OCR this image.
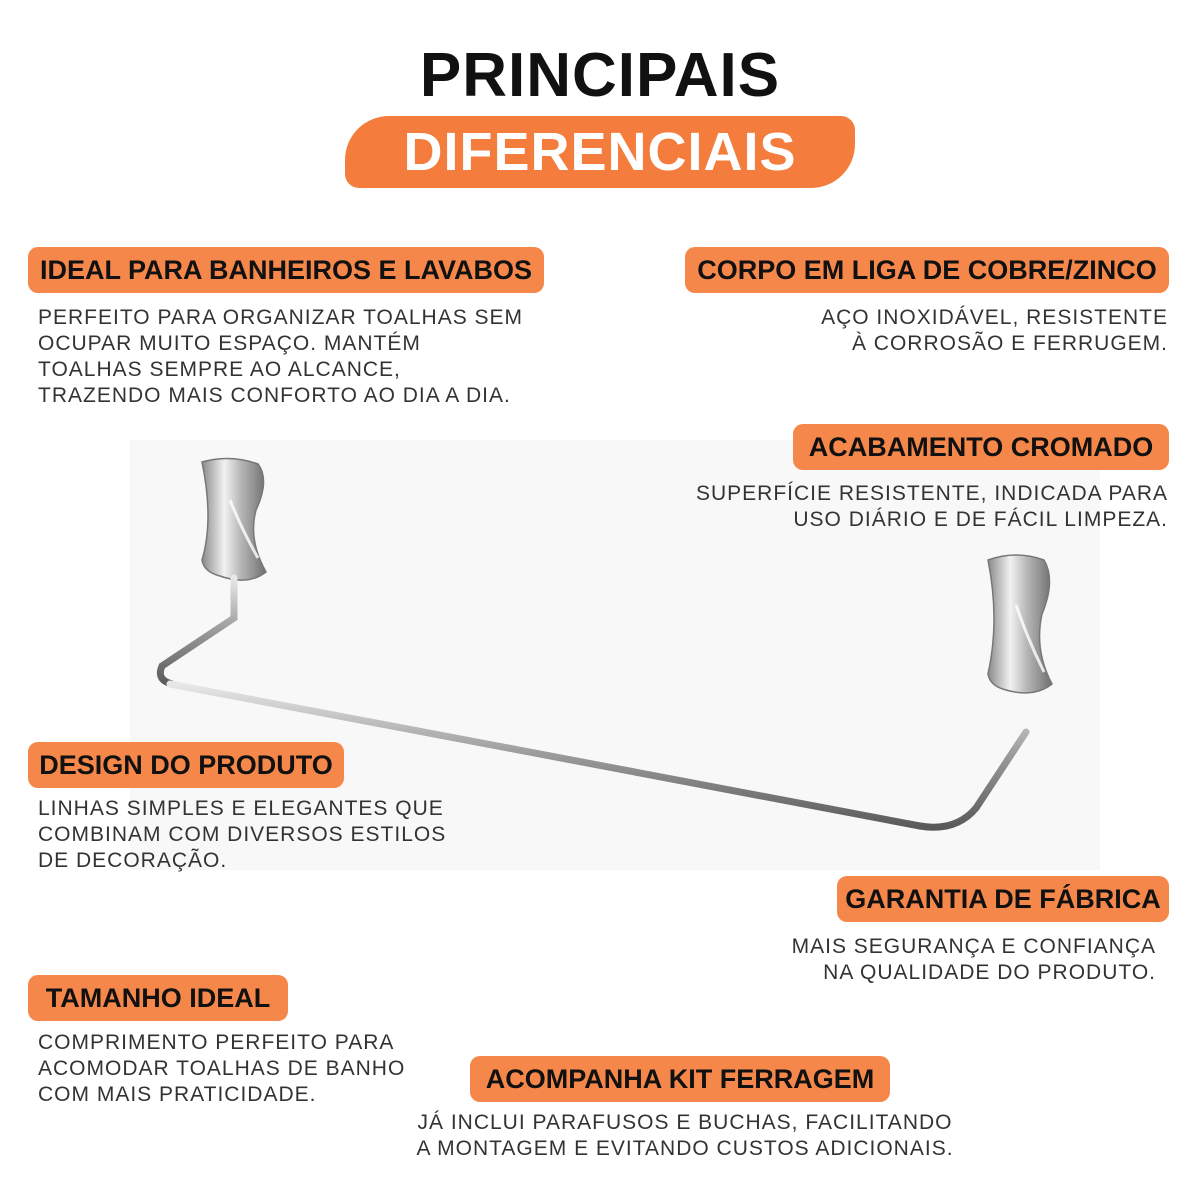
PRINCIPAIS
DIFERENCIAIS
IDEAL PARA BANHEIROS E LAVABOS
PERFEITO PARA ORGANIZAR TOALHAS SEM
OCUPAR MUITO ESPAÇO. MANTÉM
TOALHAS SEMPRE AO ALCANCE,
TRAZENDO MAIS CONFORTO AO DIA A DIA.
CORPO EM LIGA DE COBRE/ZINCO
AÇO INOXIDÁVEL, RESISTENTE
À CORROSÃO E FERRUGEM.
ACABAMENTO CROMADO
SUPERFÍCIE RESISTENTE, INDICADA PARA
USO DIÁRIO E DE FÁCIL LIMPEZA.
DESIGN DO PRODUTO
LINHAS SIMPLES E ELEGANTES QUE
COMBINAM COM DIVERSOS ESTILOS
DE DECORAÇÃO.
GARANTIA DE FÁBRICA
MAIS SEGURANÇA E CONFIANÇA
NA QUALIDADE DO PRODUTO.
TAMANHO IDEAL
COMPRIMENTO PERFEITO PARA
ACOMODAR TOALHAS DE BANHO
COM MAIS PRATICIDADE.
ACOMPANHA KIT FERRAGEM
JÁ INCLUI PARAFUSOS E BUCHAS, FACILITANDO
A MONTAGEM E EVITANDO CUSTOS ADICIONAIS.
